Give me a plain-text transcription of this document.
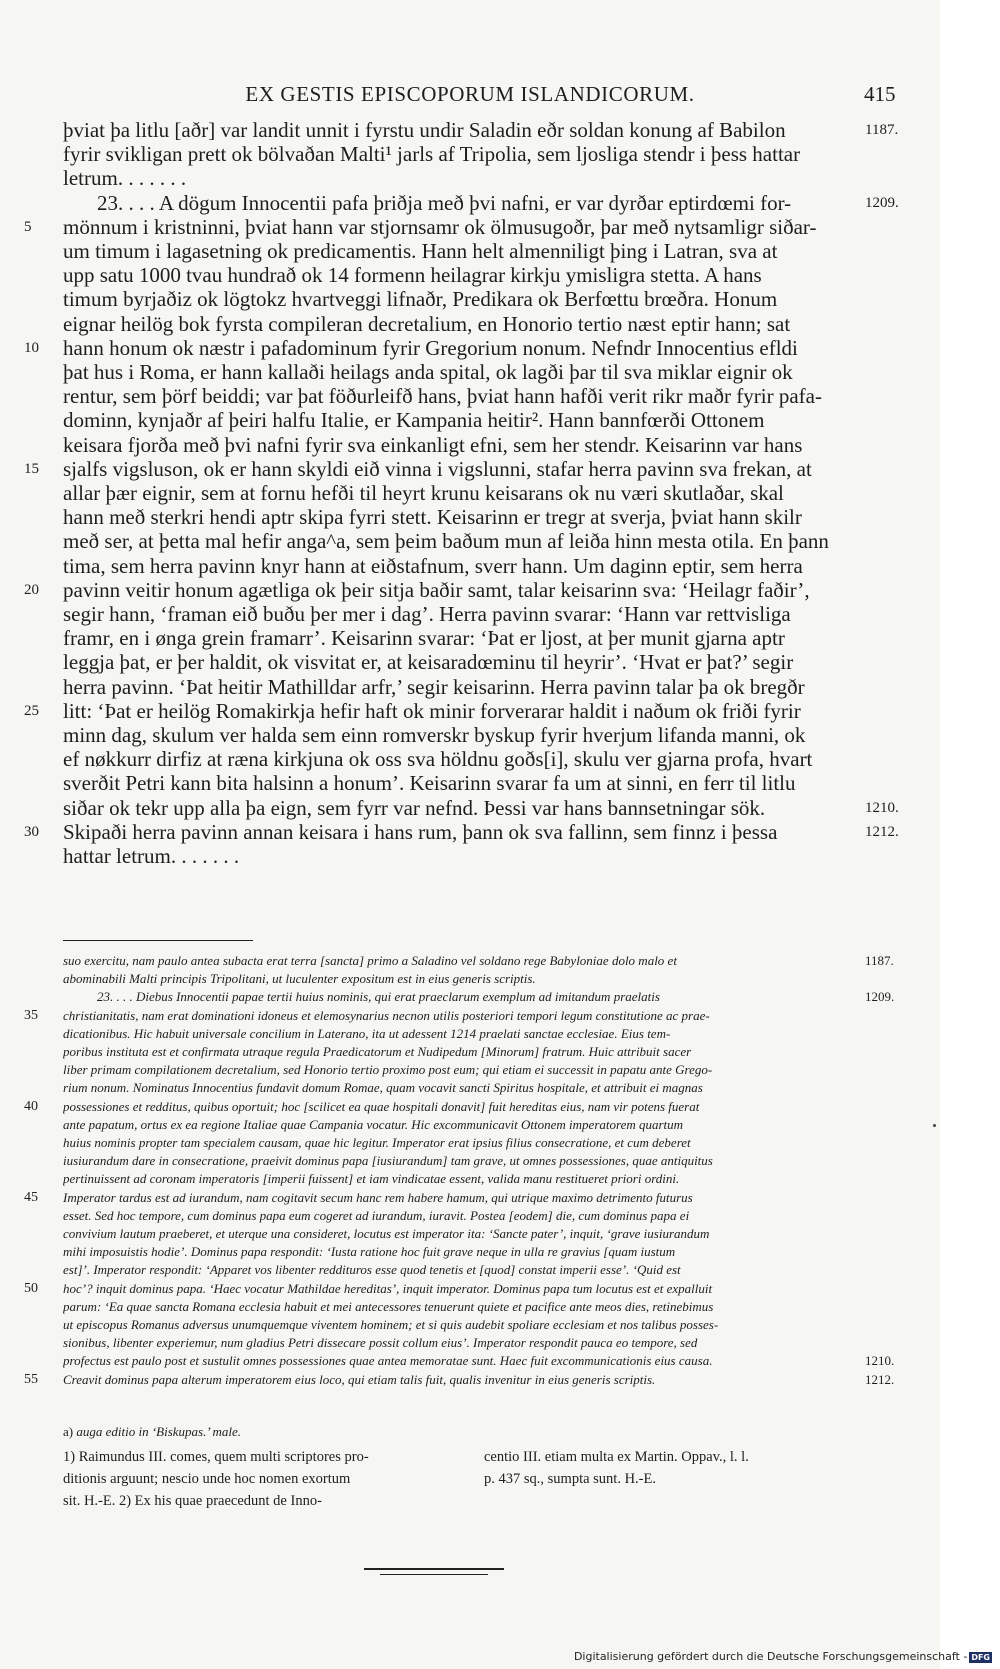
EX GESTIS EPISCOPORUM ISLANDICORUM.	415
þviat þa litlu [aðr] var landit unnit i fyrstu undir Saladin eðr soldan konung af Babilon	1187.
fyrir svikligan prett ok bölvaðan Malti¹ jarls af Tripolia, sem ljosliga stendr i þess hattar
letrum. . . . . . .
23. . . . A dögum Innocentii pafa þriðja með þvi nafni, er var dyrðar eptirdœmi for-	1209.
5	mönnum i kristninni, þviat hann var stjornsamr ok ölmusugoðr, þar með nytsamligr siðar-
um timum i lagasetning ok predicamentis. Hann helt almenniligt þing i Latran, sva at
upp satu 1000 tvau hundrað ok 14 formenn heilagrar kirkju ymisligra stetta. A hans
timum byrjaðiz ok lögtokz hvartveggi lifnaðr, Predikara ok Berfœttu brœðra. Honum
eignar heilög bok fyrsta compileran decretalium, en Honorio tertio næst eptir hann; sat
10	hann honum ok næstr i pafadominum fyrir Gregorium nonum. Nefndr Innocentius efldi
þat hus i Roma, er hann kallaði heilags anda spital, ok lagði þar til sva miklar eignir ok
rentur, sem þörf beiddi; var þat föðurleifð hans, þviat hann hafði verit rikr maðr fyrir pafa-
dominn, kynjaðr af þeiri halfu Italie, er Kampania heitir². Hann bannfœrði Ottonem
keisara fjorða með þvi nafni fyrir sva einkanligt efni, sem her stendr. Keisarinn var hans
15	sjalfs vigsluson, ok er hann skyldi eið vinna i vigslunni, stafar herra pavinn sva frekan, at
allar þær eignir, sem at fornu hefði til heyrt krunu keisarans ok nu væri skutlaðar, skal
hann með sterkri hendi aptr skipa fyrri stett. Keisarinn er tregr at sverja, þviat hann skilr
með ser, at þetta mal hefir anga^a, sem þeim baðum mun af leiða hinn mesta otila. En þann
tima, sem herra pavinn knyr hann at eiðstafnum, sverr hann. Um daginn eptir, sem herra
20	pavinn veitir honum agætliga ok þeir sitja baðir samt, talar keisarinn sva: ‘Heilagr faðir’,
segir hann, ‘framan eið buðu þer mer i dag’. Herra pavinn svarar: ‘Hann var rettvisliga
framr, en i ønga grein framarr’. Keisarinn svarar: ‘Þat er ljost, at þer munit gjarna aptr
leggja þat, er þer haldit, ok visvitat er, at keisaradœminu til heyrir’. ‘Hvat er þat?’ segir
herra pavinn. ‘Þat heitir Mathilldar arfr,’ segir keisarinn. Herra pavinn talar þa ok bregðr
25	litt: ‘Þat er heilög Romakirkja hefir haft ok minir forverarar haldit i naðum ok friði fyrir
minn dag, skulum ver halda sem einn romverskr byskup fyrir hverjum lifanda manni, ok
ef nøkkurr dirfiz at ræna kirkjuna ok oss sva höldnu goðs[i], skulu ver gjarna profa, hvart
sverðit Petri kann bita halsinn a honum’. Keisarinn svarar fa um at sinni, en ferr til litlu
siðar ok tekr upp alla þa eign, sem fyrr var nefnd. Þessi var hans bannsetningar sök.	1210.
30	Skipaði herra pavinn annan keisara i hans rum, þann ok sva fallinn, sem finnz i þessa	1212.
hattar letrum. . . . . . .
suo exercitu, nam paulo antea subacta erat terra [sancta] primo a Saladino vel soldano rege Babyloniae dolo malo et	1187.
abominabili Malti principis Tripolitani, ut luculenter expositum est in eius generis scriptis.
23. . . . Diebus Innocentii papae tertii huius nominis, qui erat praeclarum exemplum ad imitandum praelatis	1209.
35	christianitatis, nam erat dominationi idoneus et elemosynarius necnon utilis posteriori tempori legum constitutione ac prae-
dicationibus. Hic habuit universale concilium in Laterano, ita ut adessent 1214 praelati sanctae ecclesiae. Eius tem-
poribus instituta est et confirmata utraque regula Praedicatorum et Nudipedum [Minorum] fratrum. Huic attribuit sacer
liber primam compilationem decretalium, sed Honorio tertio proximo post eum; qui etiam ei successit in papatu ante Grego-
rium nonum. Nominatus Innocentius fundavit domum Romae, quam vocavit sancti Spiritus hospitale, et attribuit ei magnas
40	possessiones et redditus, quibus oportuit; hoc [scilicet ea quae hospitali donavit] fuit hereditas eius, nam vir potens fuerat
ante papatum, ortus ex ea regione Italiae quae Campania vocatur. Hic excommunicavit Ottonem imperatorem quartum
huius nominis propter tam specialem causam, quae hic legitur. Imperator erat ipsius filius consecrationе, et cum deberet
iusiurandum dare in consecratione, praeivit dominus papa [iusiurandum] tam grave, ut omnes possessiones, quae antiquitus
pertinuissent ad coronam imperatoris [imperii fuissent] et iam vindicatae essent, valida manu restitueret priori ordini.
45	Imperator tardus est ad iurandum, nam cogitavit secum hanc rem habere hamum, qui utrique maximo detrimento futurus
esset. Sed hoc tempore, cum dominus papa eum cogeret ad iurandum, iuravit. Postea [eodem] die, cum dominus papa ei
convivium lautum praeberet, et uterque una consideret, locutus est imperator ita: ‘Sancte pater’, inquit, ‘grave iusiurandum
mihi imposuistis hodie’. Dominus papa respondit: ‘Iusta ratione hoc fuit grave neque in ulla re gravius [quam iustum
est]’. Imperator respondit: ‘Apparet vos libenter reddituros esse quod tenetis et [quod] constat imperii esse’. ‘Quid est
50	hoc’? inquit dominus papa. ‘Haec vocatur Mathildae hereditas’, inquit imperator. Dominus papa tum locutus est et expalluit
parum: ‘Ea quae sancta Romana ecclesia habuit et mei antecessores tenuerunt quiete et pacifice ante meos dies, retinebimus
ut episcopus Romanus adversus unumquemque viventem hominem; et si quis audebit spoliare ecclesiam et nos talibus posses-
sionibus, libenter experiemur, num gladius Petri dissecare possit collum eius’. Imperator respondit pauca eo tempore, sed
profectus est paulo post et sustulit omnes possessiones quae antea memoratae sunt. Haec fuit excommunicationis eius causa.	1210.
55	Creavit dominus papa alterum imperatorem eius loco, qui etiam talis fuit, qualis invenitur in eius generis scriptis.	1212.
a) auga editio in ‘Biskupas.’ male.
1) Raimundus III. comes, quem multi scriptores pro-
ditionis arguunt; nescio unde hoc nomen exortum
sit. H.-E. 2) Ex his quae praecedunt de Inno-
centio III. etiam multa ex Martin. Oppav., l. l.
p. 437 sq., sumpta sunt. H.-E.
Digitalisierung gefördert durch die Deutsche Forschungsgemeinschaft - DFG
